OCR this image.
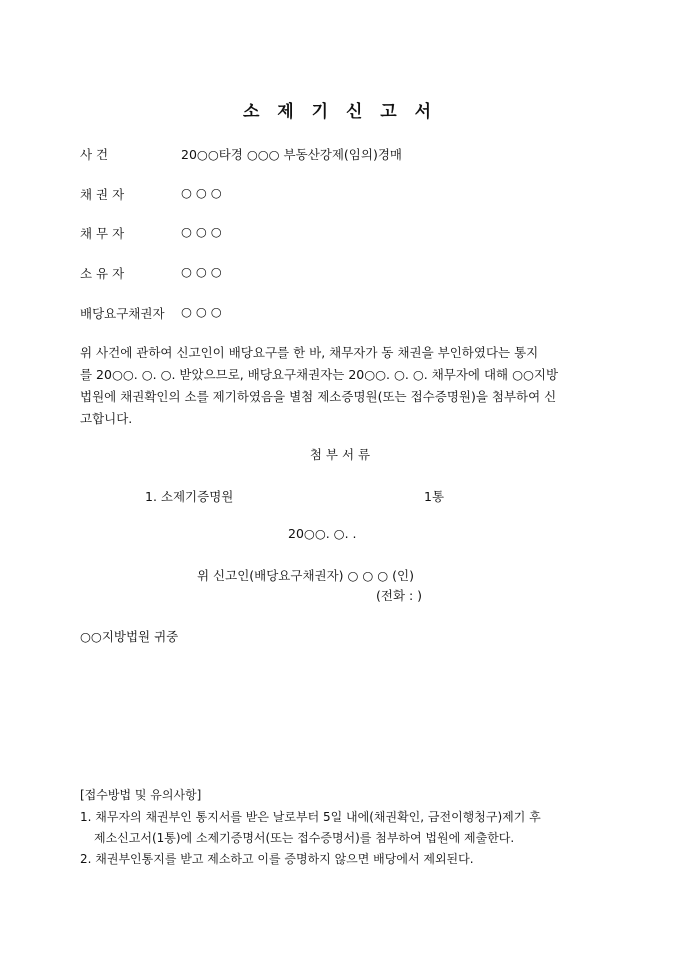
소 제 기 신 고 서
사 건	20○○타경 ○○○ 부동산강제(임의)경매
채 권 자	○ ○ ○
채 무 자	○ ○ ○
소 유 자	○ ○ ○
배당요구채권자 ○ ○ ○
위 사건에 관하여 신고인이 배당요구를 한 바, 채무자가 동 채권을 부인하였다는 통지
를 20○○. ○. ○. 받았으므로, 배당요구채권자는 20○○. ○. ○. 채무자에 대해 ○○지방
법원에 채권확인의 소를 제기하였음을 별첨 제소증명원(또는 접수증명원)을 첨부하여 신
고합니다.
첨 부 서 류
1. 소제기증명원	1통
20○○. ○. .
위 신고인(배당요구채권자) ○ ○ ○ (인)
(전화 : )
○○지방법원 귀중
[접수방법 및 유의사항]
1. 채무자의 채권부인 통지서를 받은 날로부터 5일 내에(채권확인, 금전이행청구)제기 후
제소신고서(1통)에 소제기증명서(또는 접수증명서)를 첨부하여 법원에 제출한다.
2. 채권부인통지를 받고 제소하고 이를 증명하지 않으면 배당에서 제외된다.
